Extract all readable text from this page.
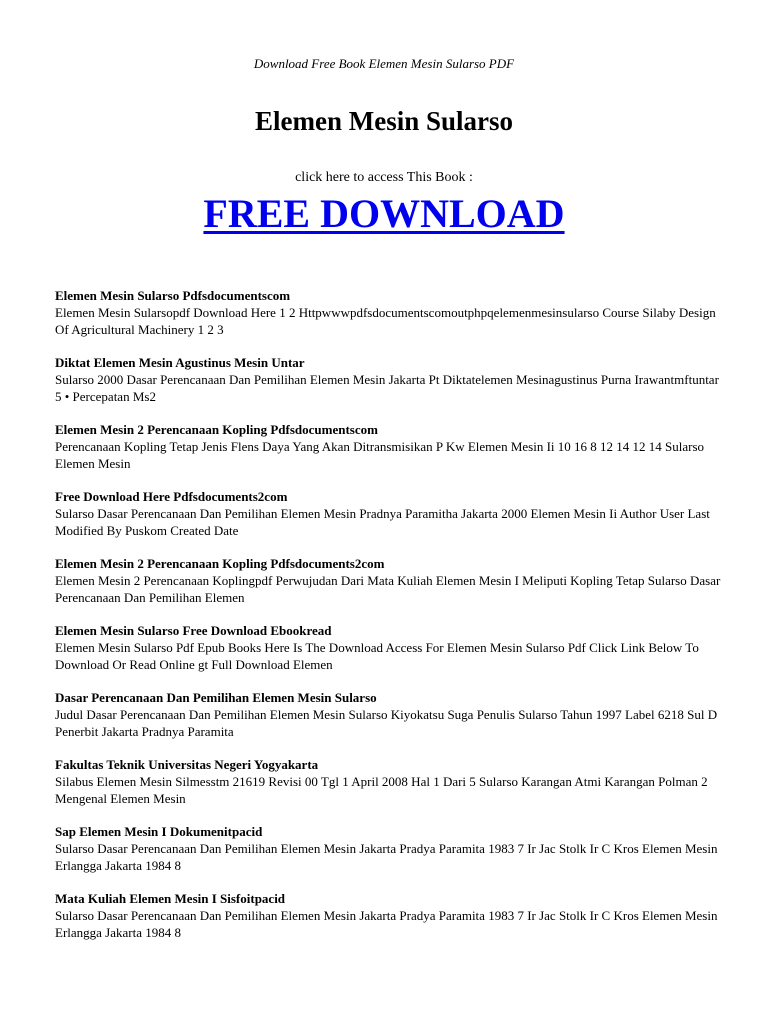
Download Free Book Elemen Mesin Sularso PDF
Elemen Mesin Sularso
click here to access This Book :
FREE DOWNLOAD
Elemen Mesin Sularso Pdfsdocumentscom
Elemen Mesin Sularsopdf Download Here 1 2 Httpwwwpdfsdocumentscomoutphpqelemenmesinsularso Course Silaby Design Of Agricultural Machinery 1 2 3
Diktat Elemen Mesin Agustinus Mesin Untar
Sularso 2000 Dasar Perencanaan Dan Pemilihan Elemen Mesin Jakarta Pt Diktatelemen Mesinagustinus Purna Irawantmftuntar 5 • Percepatan Ms2
Elemen Mesin 2 Perencanaan Kopling Pdfsdocumentscom
Perencanaan Kopling Tetap Jenis Flens Daya Yang Akan Ditransmisikan P Kw Elemen Mesin Ii 10 16 8 12 14 12 14 Sularso Elemen Mesin
Free Download Here Pdfsdocuments2com
Sularso Dasar Perencanaan Dan Pemilihan Elemen Mesin Pradnya Paramitha Jakarta 2000 Elemen Mesin Ii Author User Last Modified By Puskom Created Date
Elemen Mesin 2 Perencanaan Kopling Pdfsdocuments2com
Elemen Mesin 2 Perencanaan Koplingpdf Perwujudan Dari Mata Kuliah Elemen Mesin I Meliputi Kopling Tetap Sularso Dasar Perencanaan Dan Pemilihan Elemen
Elemen Mesin Sularso Free Download Ebookread
Elemen Mesin Sularso Pdf Epub Books Here Is The Download Access For Elemen Mesin Sularso Pdf Click Link Below To Download Or Read Online gt Full Download Elemen
Dasar Perencanaan Dan Pemilihan Elemen Mesin Sularso
Judul Dasar Perencanaan Dan Pemilihan Elemen Mesin Sularso Kiyokatsu Suga Penulis Sularso Tahun 1997 Label 6218 Sul D Penerbit Jakarta Pradnya Paramita
Fakultas Teknik Universitas Negeri Yogyakarta
Silabus Elemen Mesin Silmesstm 21619 Revisi 00 Tgl 1 April 2008 Hal 1 Dari 5 Sularso Karangan Atmi Karangan Polman 2 Mengenal Elemen Mesin
Sap Elemen Mesin I Dokumenitpacid
Sularso Dasar Perencanaan Dan Pemilihan Elemen Mesin Jakarta Pradya Paramita 1983 7 Ir Jac Stolk Ir C Kros Elemen Mesin Erlangga Jakarta 1984 8
Mata Kuliah Elemen Mesin I Sisfoitpacid
Sularso Dasar Perencanaan Dan Pemilihan Elemen Mesin Jakarta Pradya Paramita 1983 7 Ir Jac Stolk Ir C Kros Elemen Mesin Erlangga Jakarta 1984 8
